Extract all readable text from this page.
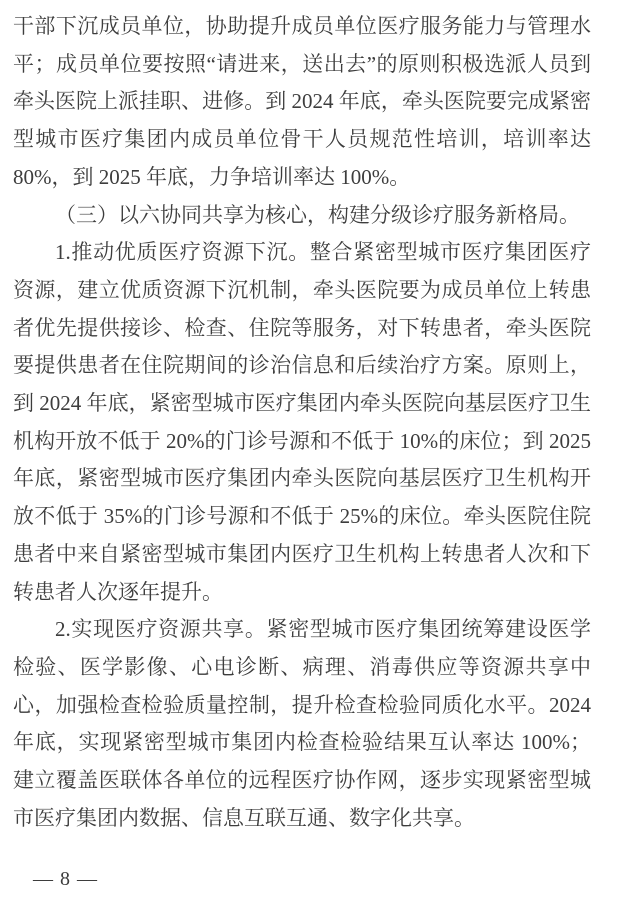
干部下沉成员单位，协助提升成员单位医疗服务能力与管理水平；成员单位要按照“请进来，送出去”的原则积极选派人员到牵头医院上派挂职、进修。到 2024 年底，牵头医院要完成紧密型城市医疗集团内成员单位骨干人员规范性培训，培训率达 80%，到 2025 年底，力争培训率达 100%。

（三）以六协同共享为核心，构建分级诊疗服务新格局。

1.推动优质医疗资源下沉。整合紧密型城市医疗集团医疗资源，建立优质资源下沉机制，牵头医院要为成员单位上转患者优先提供接诊、检查、住院等服务，对下转患者，牵头医院要提供患者在住院期间的诊治信息和后续治疗方案。原则上，到 2024 年底，紧密型城市医疗集团内牵头医院向基层医疗卫生机构开放不低于 20%的门诊号源和不低于 10%的床位；到 2025 年底，紧密型城市医疗集团内牵头医院向基层医疗卫生机构开放不低于 35%的门诊号源和不低于 25%的床位。牵头医院住院患者中来自紧密型城市集团内医疗卫生机构上转患者人次和下转患者人次逐年提升。

2.实现医疗资源共享。紧密型城市医疗集团统筹建设医学检验、医学影像、心电诊断、病理、消毒供应等资源共享中心，加强检查检验质量控制，提升检查检验同质化水平。2024 年底，实现紧密型城市集团内检查检验结果互认率达 100%；建立覆盖医联体各单位的远程医疗协作网，逐步实现紧密型城市医疗集团内数据、信息互联互通、数字化共享。

— 8 —
